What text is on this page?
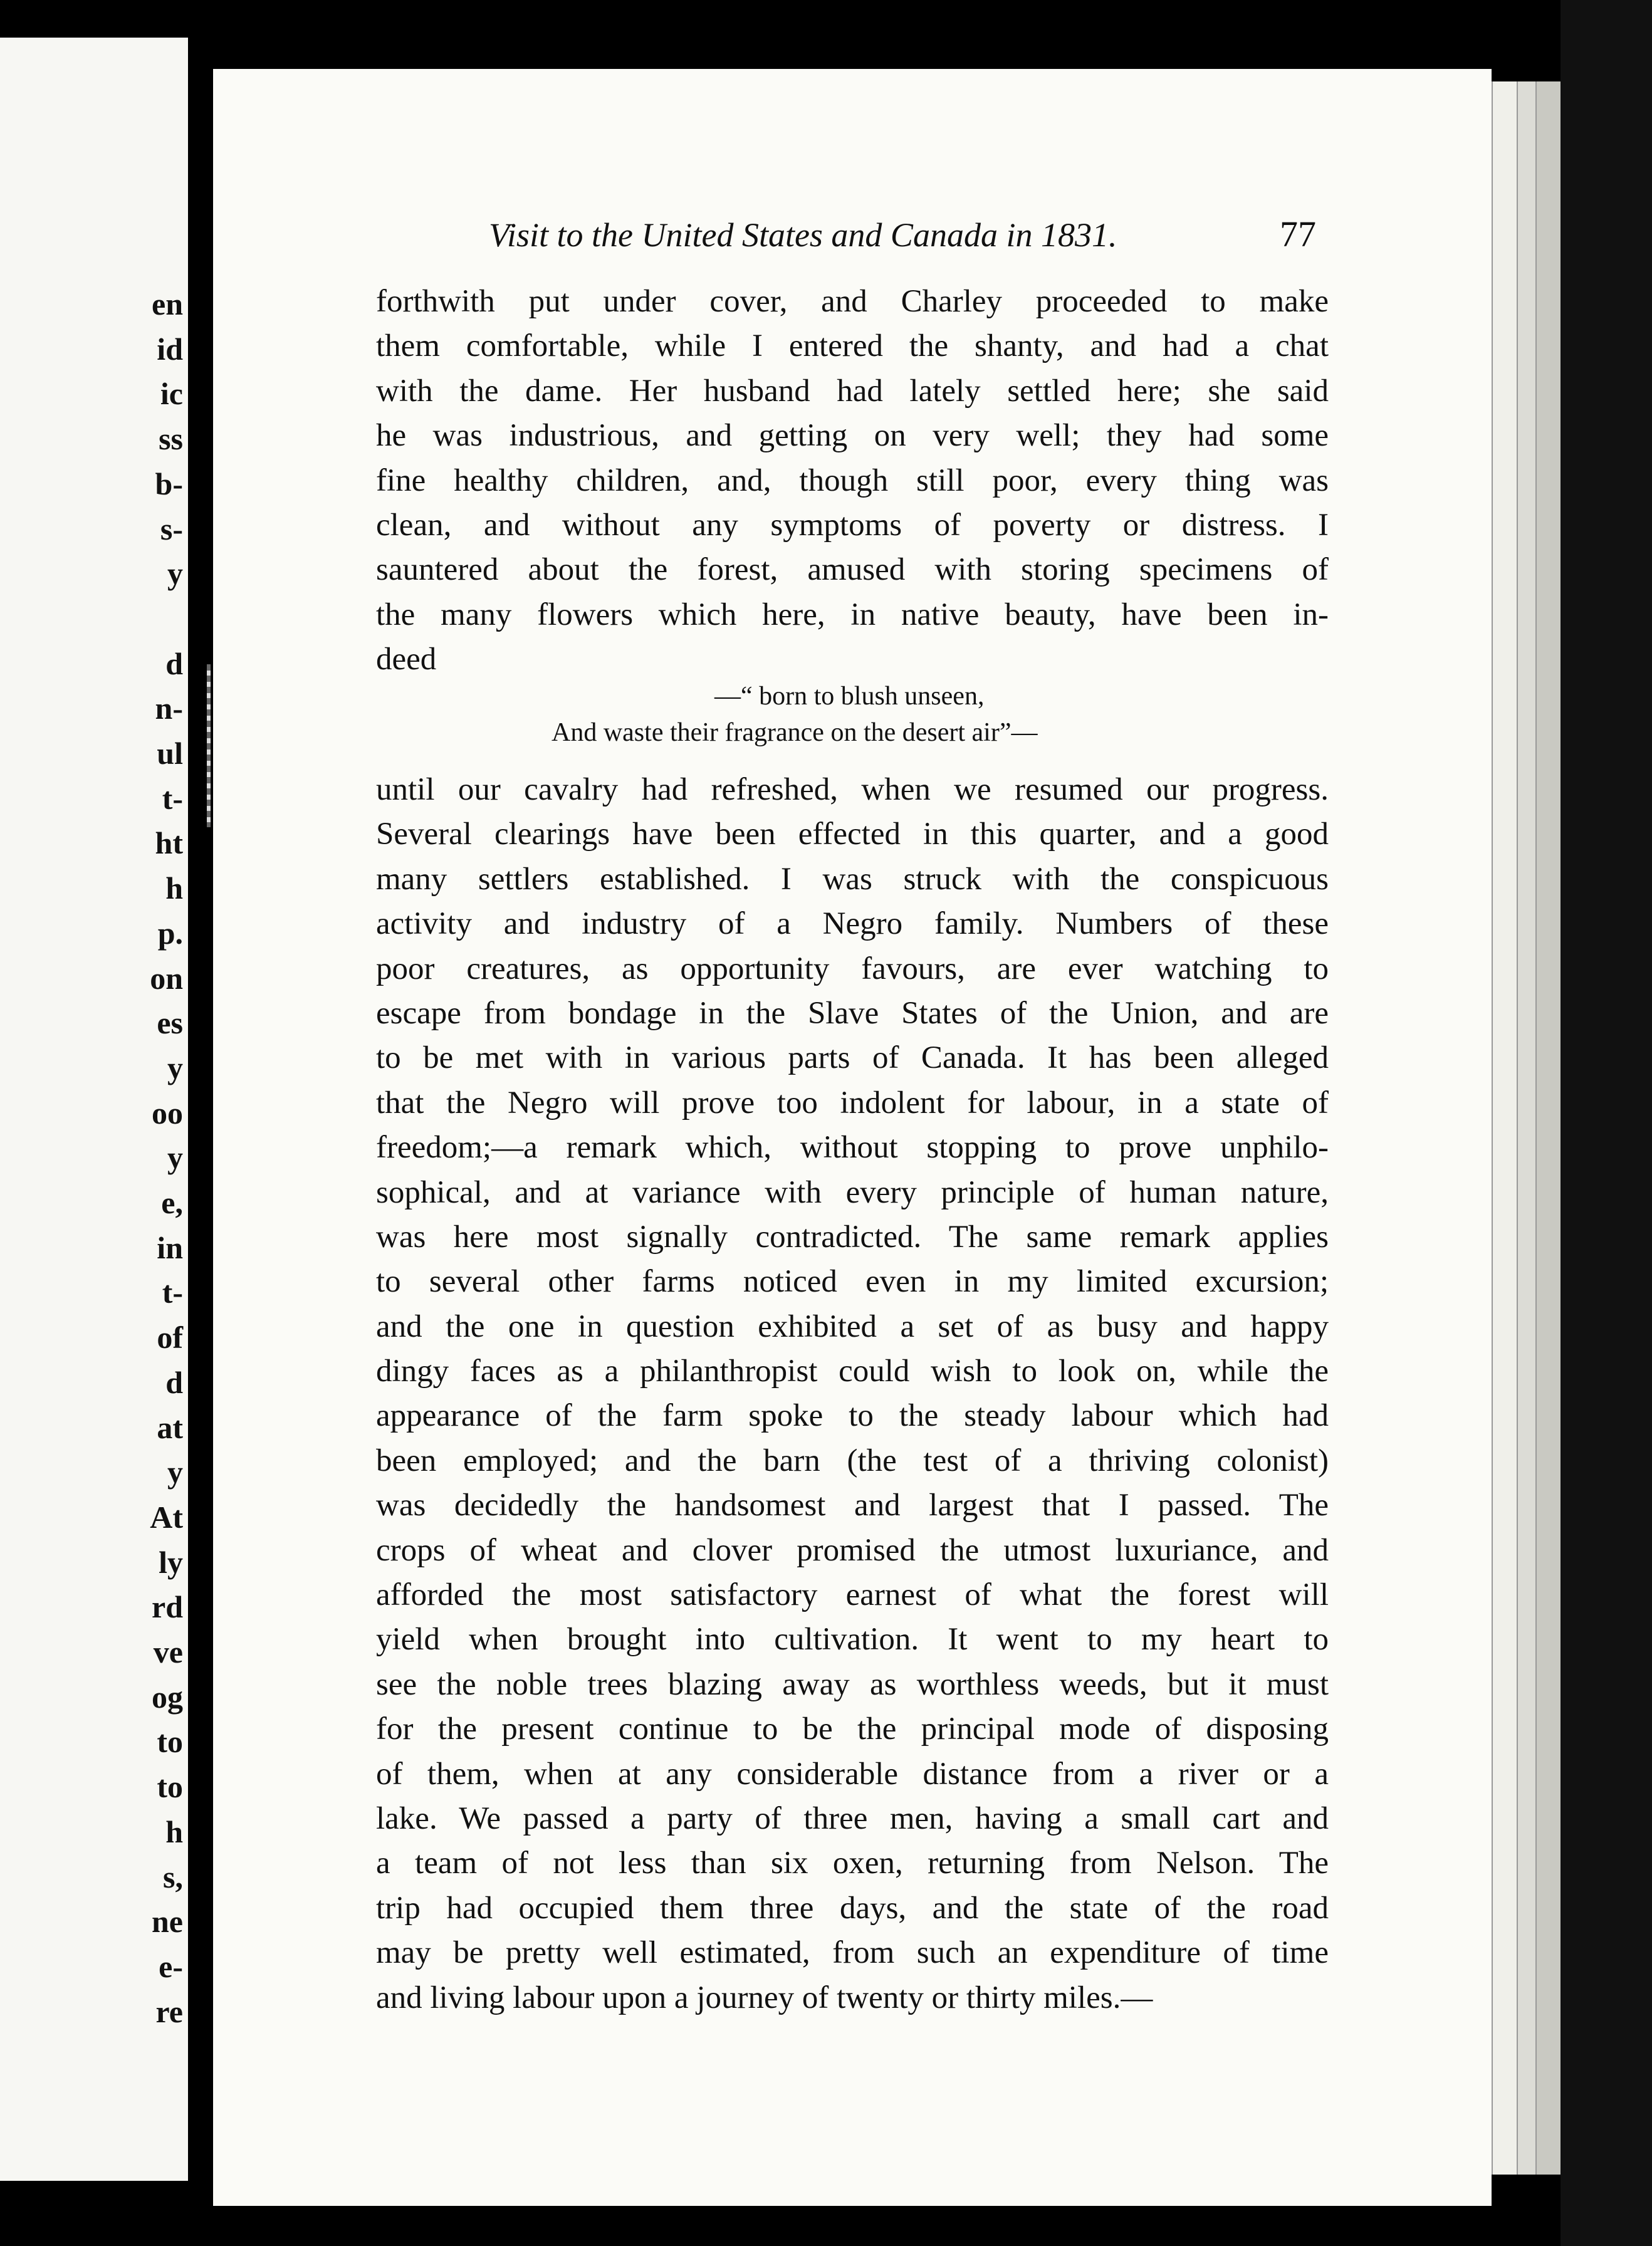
en
id
ic
ss
b-
s-
y
d
n-
ul
t-
ht
h
p.
on
es
y
oo
y
e,
in
t-
of
d
at
y
At
ly
rd
ve
og
to
to
h
s,
ne
e-
re
Visit to the United States and Canada in 1831.	77
forthwith put under cover, and Charley proceeded to make
them comfortable, while I entered the shanty, and had a chat
with the dame. Her husband had lately settled here; she said
he was industrious, and getting on very well; they had some
fine healthy children, and, though still poor, every thing was
clean, and without any symptoms of poverty or distress. I
sauntered about the forest, amused with storing specimens of
the many flowers which here, in native beauty, have been in-
deed
—“ born to blush unseen,
And waste their fragrance on the desert air”—
until our cavalry had refreshed, when we resumed our progress.
Several clearings have been effected in this quarter, and a good
many settlers established. I was struck with the conspicuous
activity and industry of a Negro family. Numbers of these
poor creatures, as opportunity favours, are ever watching to
escape from bondage in the Slave States of the Union, and are
to be met with in various parts of Canada. It has been alleged
that the Negro will prove too indolent for labour, in a state of
freedom;—a remark which, without stopping to prove unphilo-
sophical, and at variance with every principle of human nature,
was here most signally contradicted. The same remark applies
to several other farms noticed even in my limited excursion;
and the one in question exhibited a set of as busy and happy
dingy faces as a philanthropist could wish to look on, while the
appearance of the farm spoke to the steady labour which had
been employed; and the barn (the test of a thriving colonist)
was decidedly the handsomest and largest that I passed. The
crops of wheat and clover promised the utmost luxuriance, and
afforded the most satisfactory earnest of what the forest will
yield when brought into cultivation. It went to my heart to
see the noble trees blazing away as worthless weeds, but it must
for the present continue to be the principal mode of disposing
of them, when at any considerable distance from a river or a
lake. We passed a party of three men, having a small cart and
a team of not less than six oxen, returning from Nelson. The
trip had occupied them three days, and the state of the road
may be pretty well estimated, from such an expenditure of time
and living labour upon a journey of twenty or thirty miles.—
